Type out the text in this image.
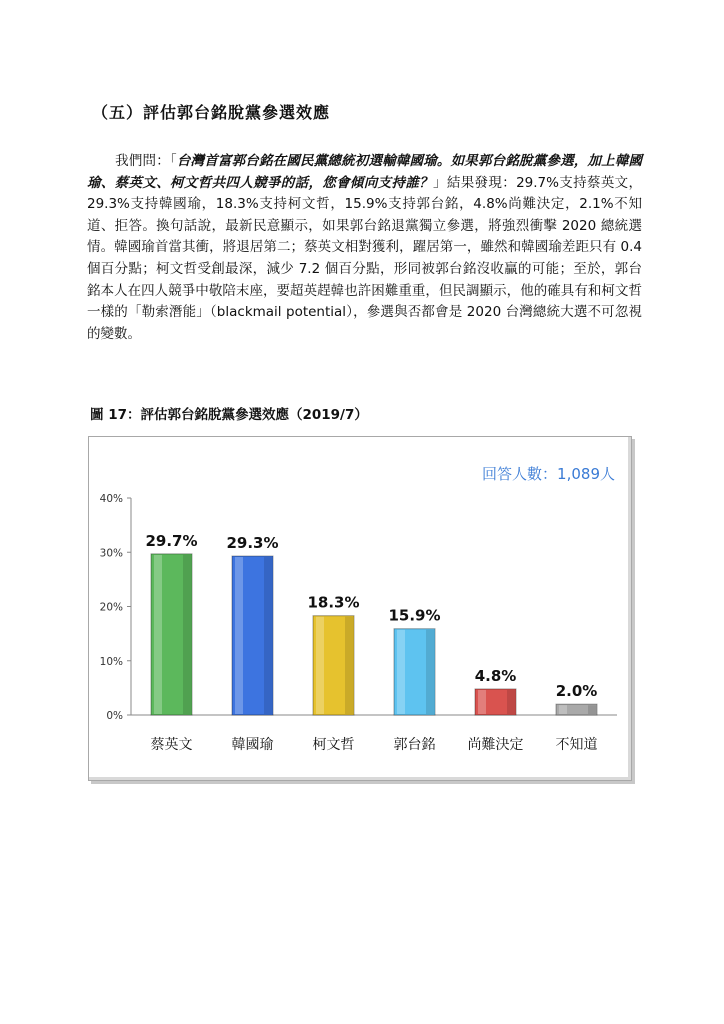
（五）評估郭台銘脫黨參選效應
我們問：「台灣首富郭台銘在國民黨總統初選輸韓國瑜。如果郭台銘脫黨參選，加上韓國瑜、蔡英文、柯文哲共四人競爭的話，您會傾向支持誰？」結果發現：29.7%支持蔡英文，29.3%支持韓國瑜，18.3%支持柯文哲，15.9%支持郭台銘，4.8%尚難決定，2.1%不知道、拒答。換句話說，最新民意顯示，如果郭台銘退黨獨立參選，將強烈衝擊 2020 總統選情。韓國瑜首當其衝，將退居第二；蔡英文相對獲利，躍居第一，雖然和韓國瑜差距只有 0.4 個百分點；柯文哲受創最深，減少 7.2 個百分點，形同被郭台銘沒收贏的可能；至於，郭台銘本人在四人競爭中敬陪末座，要超英趕韓也許困難重重，但民調顯示，他的確具有和柯文哲一樣的「勒索潛能」（blackmail potential），參選與否都會是 2020 台灣總統大選不可忽視的變數。
圖 17：評估郭台銘脫黨參選效應（2019/7）
回答人數：1,089人
0%
10%
20%
30%
40%
29.7%
蔡英文
29.3%
韓國瑜
18.3%
柯文哲
15.9%
郭台銘
4.8%
尚難決定
2.0%
不知道
